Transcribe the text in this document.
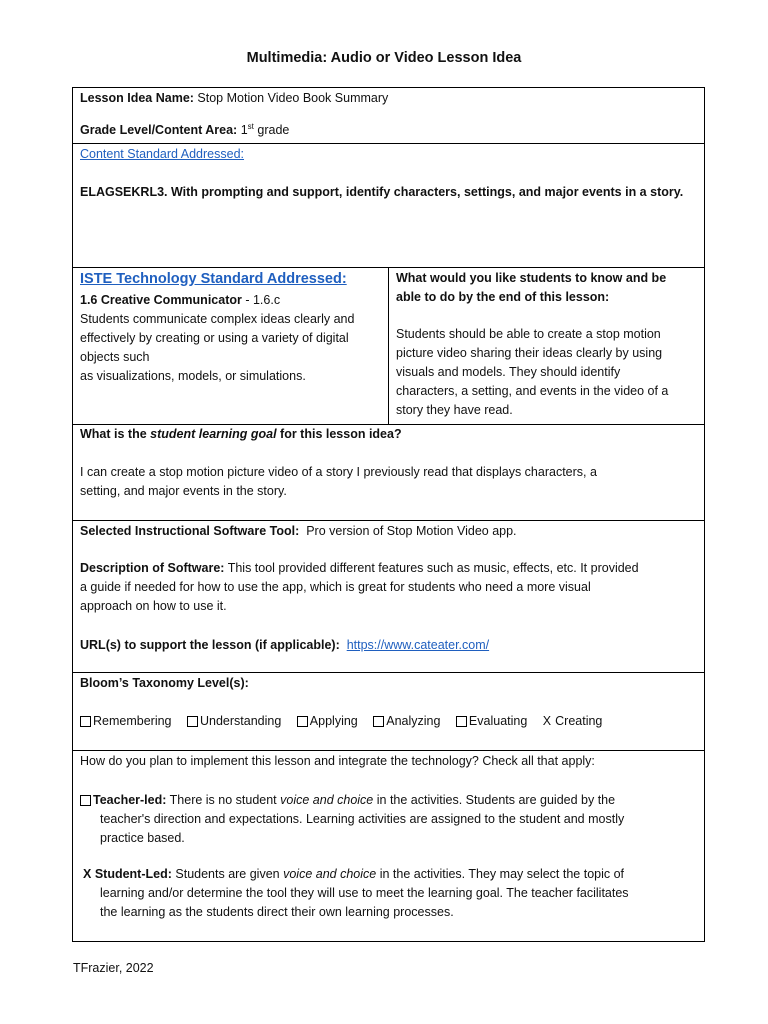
Multimedia: Audio or Video Lesson Idea
Lesson Idea Name: Stop Motion Video Book Summary
Grade Level/Content Area: 1st grade
Content Standard Addressed:
ELAGSEKRL3. With prompting and support, identify characters, settings, and major events in a story.
ISTE Technology Standard Addressed:
1.6 Creative Communicator - 1.6.c
Students communicate complex ideas clearly and
effectively by creating or using a variety of digital
objects such
as visualizations, models, or simulations.
What would you like students to know and be
able to do by the end of this lesson:
Students should be able to create a stop motion
picture video sharing their ideas clearly by using
visuals and models. They should identify
characters, a setting, and events in the video of a
story they have read.
What is the student learning goal for this lesson idea?
I can create a stop motion picture video of a story I previously read that displays characters, a
setting, and major events in the story.
Selected Instructional Software Tool: Pro version of Stop Motion Video app.
Description of Software: This tool provided different features such as music, effects, etc. It provided
a guide if needed for how to use the app, which is great for students who need a more visual
approach on how to use it.
URL(s) to support the lesson (if applicable): https://www.cateater.com/
Bloom’s Taxonomy Level(s):
Remembering Understanding Applying Analyzing Evaluating X Creating
How do you plan to implement this lesson and integrate the technology? Check all that apply:
Teacher-led: There is no student voice and choice in the activities. Students are guided by the
teacher's direction and expectations. Learning activities are assigned to the student and mostly
practice based.
X Student-Led: Students are given voice and choice in the activities. They may select the topic of
learning and/or determine the tool they will use to meet the learning goal. The teacher facilitates
the learning as the students direct their own learning processes.
TFrazier, 2022
